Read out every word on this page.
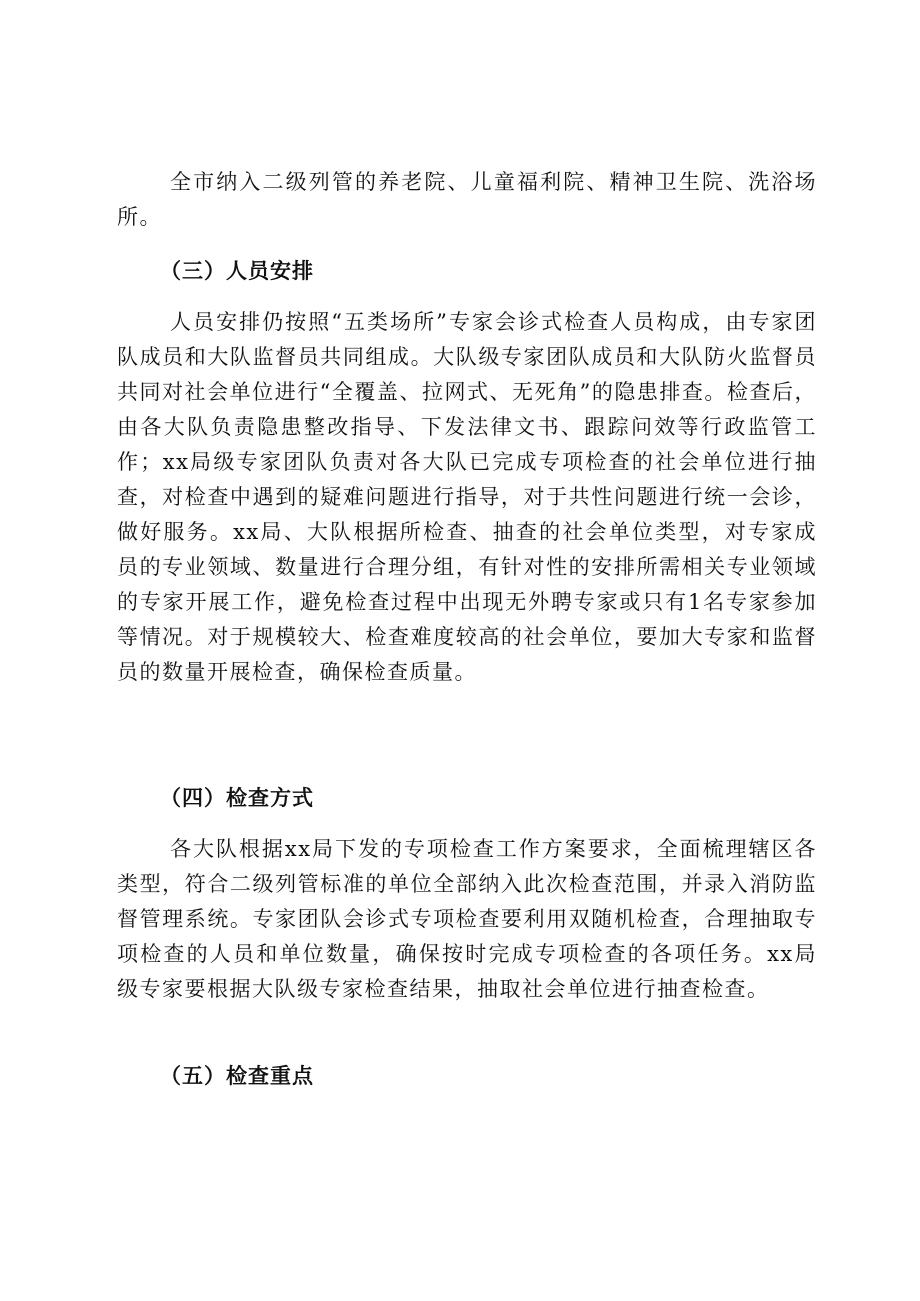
全市纳入二级列管的养老院、儿童福利院、精神卫生院、洗浴场所。

（三）人员安排

人员安排仍按照“五类场所”专家会诊式检查人员构成，由专家团队成员和大队监督员共同组成。大队级专家团队成员和大队防火监督员共同对社会单位进行“全覆盖、拉网式、无死角”的隐患排查。检查后，由各大队负责隐患整改指导、下发法律文书、跟踪问效等行政监管工作；xx局级专家团队负责对各大队已完成专项检查的社会单位进行抽查，对检查中遇到的疑难问题进行指导，对于共性问题进行统一会诊，做好服务。xx局、大队根据所检查、抽查的社会单位类型，对专家成员的专业领域、数量进行合理分组，有针对性的安排所需相关专业领域的专家开展工作，避免检查过程中出现无外聘专家或只有1名专家参加等情况。对于规模较大、检查难度较高的社会单位，要加大专家和监督员的数量开展检查，确保检查质量。

（四）检查方式

各大队根据xx局下发的专项检查工作方案要求，全面梳理辖区各类型，符合二级列管标准的单位全部纳入此次检查范围，并录入消防监督管理系统。专家团队会诊式专项检查要利用双随机检查，合理抽取专项检查的人员和单位数量，确保按时完成专项检查的各项任务。xx局级专家要根据大队级专家检查结果，抽取社会单位进行抽查检查。

（五）检查重点
